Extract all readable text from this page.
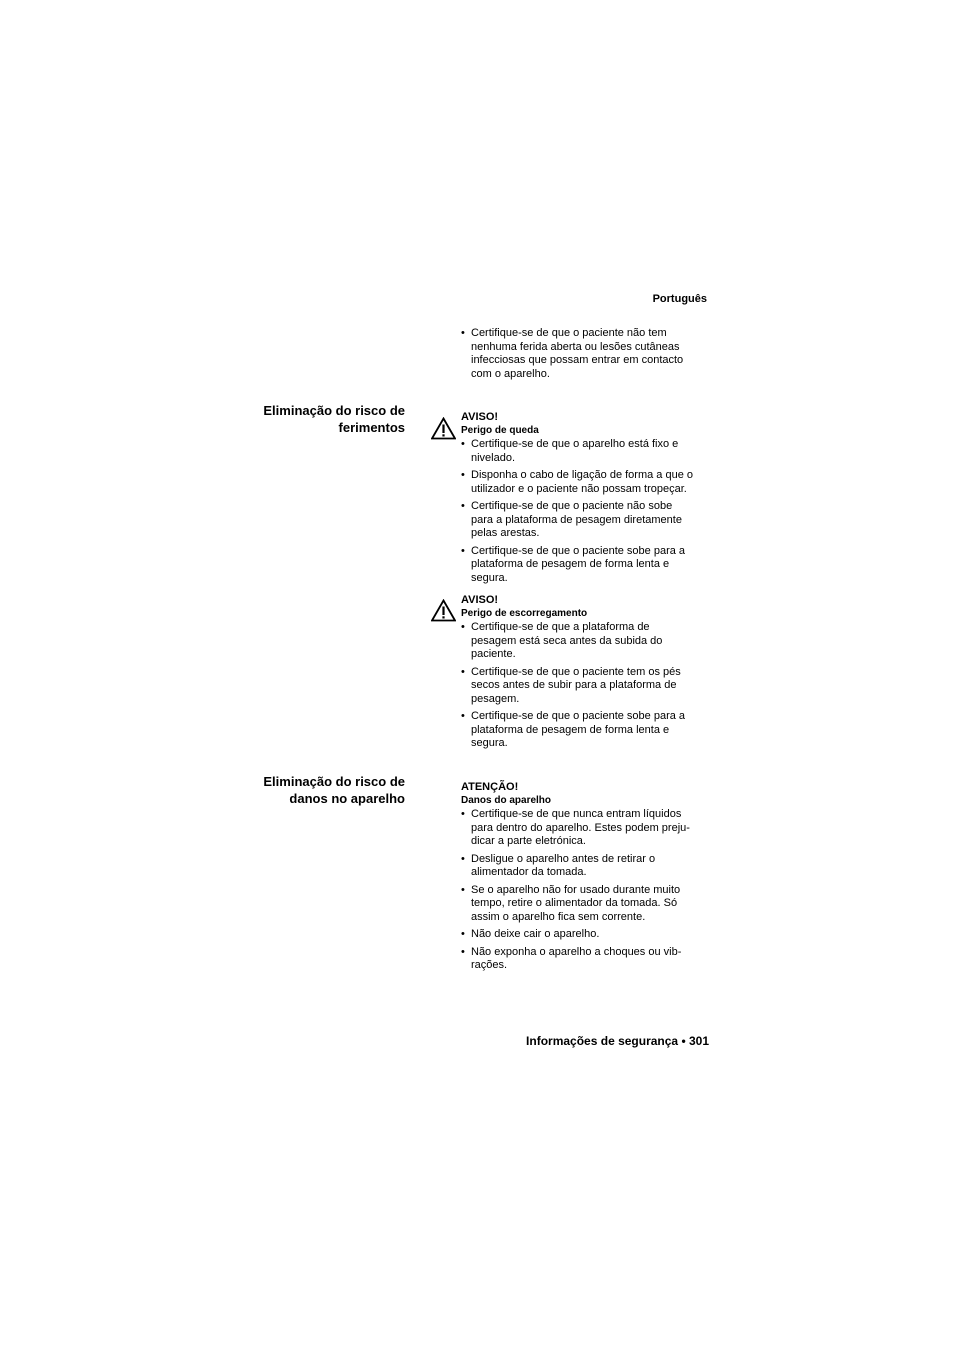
Português
• Certifique-se de que o paciente não tem
nenhuma ferida aberta ou lesões cutâneas
infecciosas que possam entrar em contacto
com o aparelho.
Eliminação do risco de
ferimentos
AVISO!
Perigo de queda
• Certifique-se de que o aparelho está fixo e
nivelado.
• Disponha o cabo de ligação de forma a que o
utilizador e o paciente não possam tropeçar.
• Certifique-se de que o paciente não sobe
para a plataforma de pesagem diretamente
pelas arestas.
• Certifique-se de que o paciente sobe para a
plataforma de pesagem de forma lenta e
segura.
AVISO!
Perigo de escorregamento
• Certifique-se de que a plataforma de
pesagem está seca antes da subida do
paciente.
• Certifique-se de que o paciente tem os pés
secos antes de subir para a plataforma de
pesagem.
• Certifique-se de que o paciente sobe para a
plataforma de pesagem de forma lenta e
segura.
Eliminação do risco de
danos no aparelho
ATENÇÃO!
Danos do aparelho
• Certifique-se de que nunca entram líquidos
para dentro do aparelho. Estes podem preju-
dicar a parte eletrónica.
• Desligue o aparelho antes de retirar o
alimentador da tomada.
• Se o aparelho não for usado durante muito
tempo, retire o alimentador da tomada. Só
assim o aparelho fica sem corrente.
• Não deixe cair o aparelho.
• Não exponha o aparelho a choques ou vib-
rações.
Informações de segurança • 301
